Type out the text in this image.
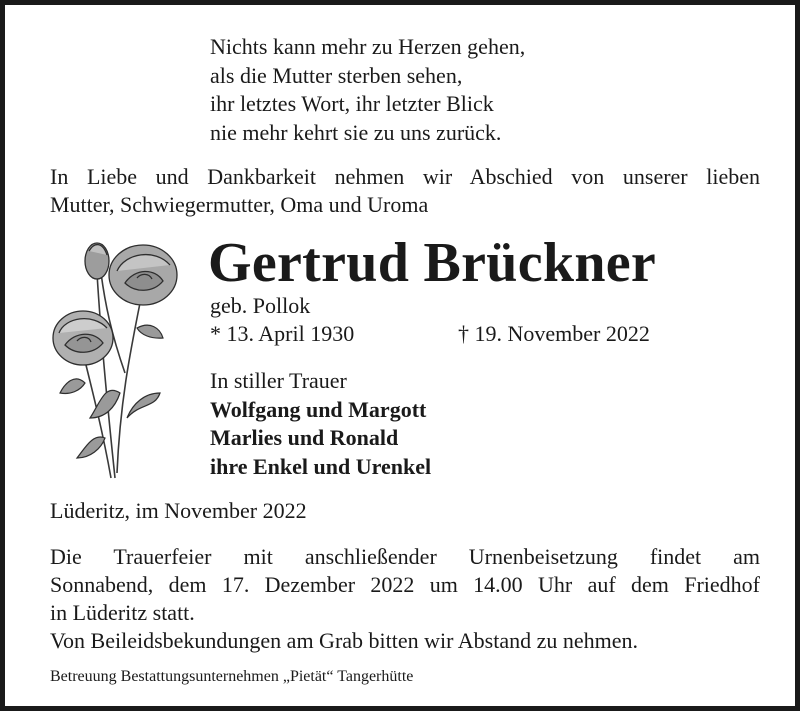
Nichts kann mehr zu Herzen gehen,
als die Mutter sterben sehen,
ihr letztes Wort, ihr letzter Blick
nie mehr kehrt sie zu uns zurück.
In Liebe und Dankbarkeit nehmen wir Abschied von unserer lieben
Mutter, Schwiegermutter, Oma und Uroma
Gertrud Brückner
geb. Pollok
* 13. April 1930	† 19. November 2022
In stiller Trauer
Wolfgang und Margott
Marlies und Ronald
ihre Enkel und Urenkel
Lüderitz, im November 2022
Die Trauerfeier mit anschließender Urnenbeisetzung findet am
Sonnabend, dem 17. Dezember 2022 um 14.00 Uhr auf dem Friedhof
in Lüderitz statt.
Von Beileidsbekundungen am Grab bitten wir Abstand zu nehmen.
Betreuung Bestattungsunternehmen „Pietät“ Tangerhütte
